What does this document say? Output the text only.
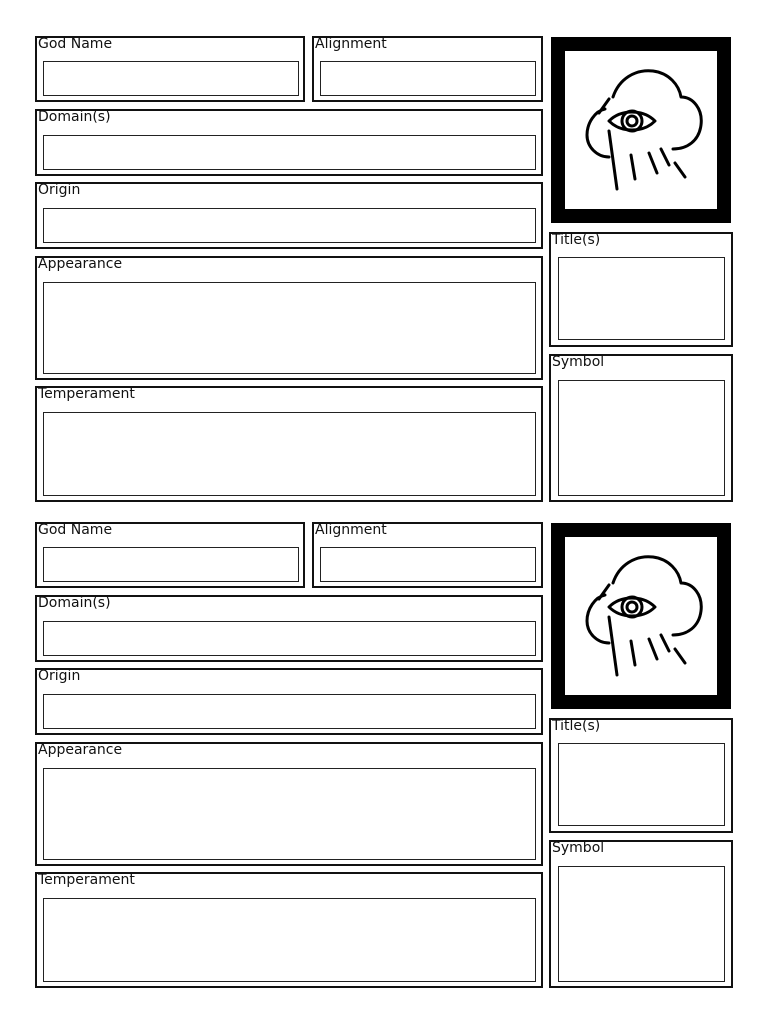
God Name	Alignment
Domain(s)
Origin
Appearance
Temperament
Title(s)
Symbol
God Name	Alignment
Domain(s)
Origin
Appearance
Temperament
Title(s)
Symbol
